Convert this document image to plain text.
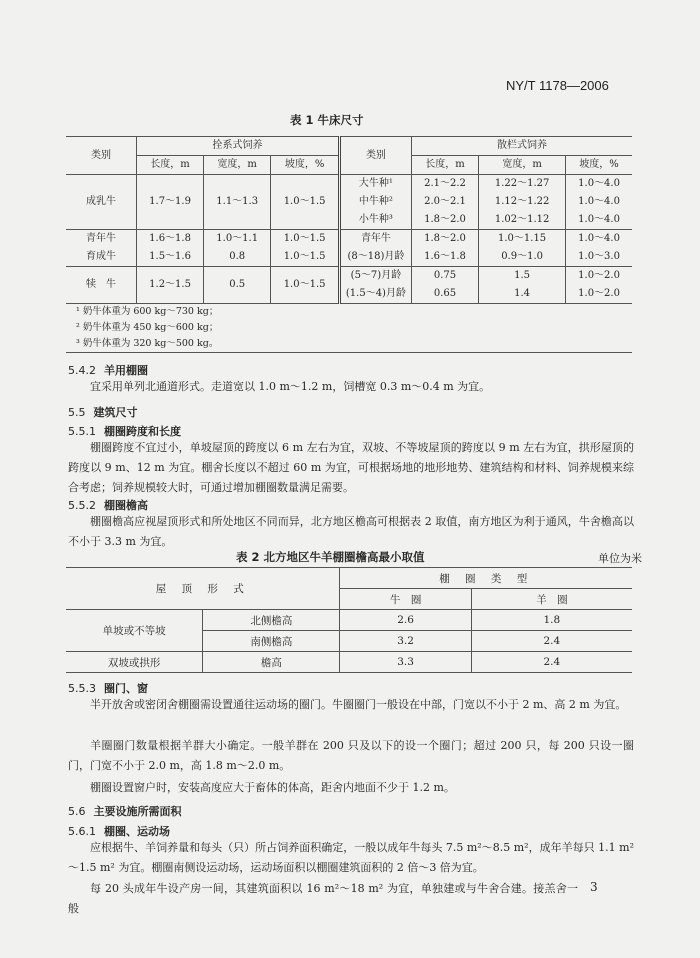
NY/T 1178—2006
表 1 牛床尺寸
类别	拴系式饲养			类别	散栏式饲养		
	长度，m	宽度，m	坡度，%		长度，m	宽度，m	坡度，%
成乳牛	1.7～1.9	1.1～1.3	1.0～1.5	大牛种¹	2.1～2.2	1.22～1.27	1.0～4.0
				中牛种²	2.0～2.1	1.12～1.22	1.0～4.0
				小牛种³	1.8～2.0	1.02～1.12	1.0～4.0
青年牛	1.6～1.8	1.0～1.1	1.0～1.5	青年牛	1.8～2.0	1.0～1.15	1.0～4.0
育成牛	1.5～1.6	0.8	1.0～1.5	(8～18)月龄	1.6～1.8	0.9～1.0	1.0～3.0
犊　牛	1.2～1.5	0.5	1.0～1.5	(5～7)月龄	0.75	1.5	1.0～2.0
				(1.5～4)月龄	0.65	1.4	1.0～2.0
¹ 奶牛体重为 600 kg～730 kg；							
² 奶牛体重为 450 kg～600 kg；							
³ 奶牛体重为 320 kg～500 kg。							
5.4.2 羊用棚圈
宜采用单列北通道形式。走道宽以 1.0 m～1.2 m，饲槽宽 0.3 m～0.4 m 为宜。
5.5 建筑尺寸
5.5.1 棚圈跨度和长度
棚圈跨度不宜过小，单坡屋顶的跨度以 6 m 左右为宜，双坡、不等坡屋顶的跨度以 9 m 左右为宜，拱形屋顶的跨度以 9 m、12 m 为宜。棚舍长度以不超过 60 m 为宜，可根据场地的地形地势、建筑结构和材料、饲养规模来综合考虑；饲养规模较大时，可通过增加棚圈数量满足需要。
5.5.2 棚圈檐高
棚圈檐高应视屋顶形式和所处地区不同而异，北方地区檐高可根据表 2 取值，南方地区为利于通风，牛舍檐高以不小于 3.3 m 为宜。
表 2 北方地区牛羊棚圈檐高最小取值	单位为米
屋 顶 形 式		棚 圈 类 型	
		牛　圈	羊　圈
单坡或不等坡	北侧檐高	2.6	1.8
	南侧檐高	3.2	2.4
双坡或拱形	檐高	3.3	2.4
5.5.3 圈门、窗
半开放舍或密闭舍棚圈需设置通往运动场的圈门。牛圈圈门一般设在中部，门宽以不小于 2 m、高 2 m 为宜。
羊圈圈门数量根据羊群大小确定。一般羊群在 200 只及以下的设一个圈门；超过 200 只，每 200 只设一圈门，门宽不小于 2.0 m，高 1.8 m～2.0 m。
棚圈设置窗户时，安装高度应大于畜体的体高，距舍内地面不少于 1.2 m。
5.6 主要设施所需面积
5.6.1 棚圈、运动场
应根据牛、羊饲养量和每头（只）所占饲养面积确定，一般以成年牛每头 7.5 m²～8.5 m²，成年羊每只 1.1 m²～1.5 m² 为宜。棚圈南侧设运动场，运动场面积以棚圈建筑面积的 2 倍～3 倍为宜。
每 20 头成年牛设产房一间，其建筑面积以 16 m²～18 m² 为宜，单独建或与牛舍合建。接羔舍一般
3
